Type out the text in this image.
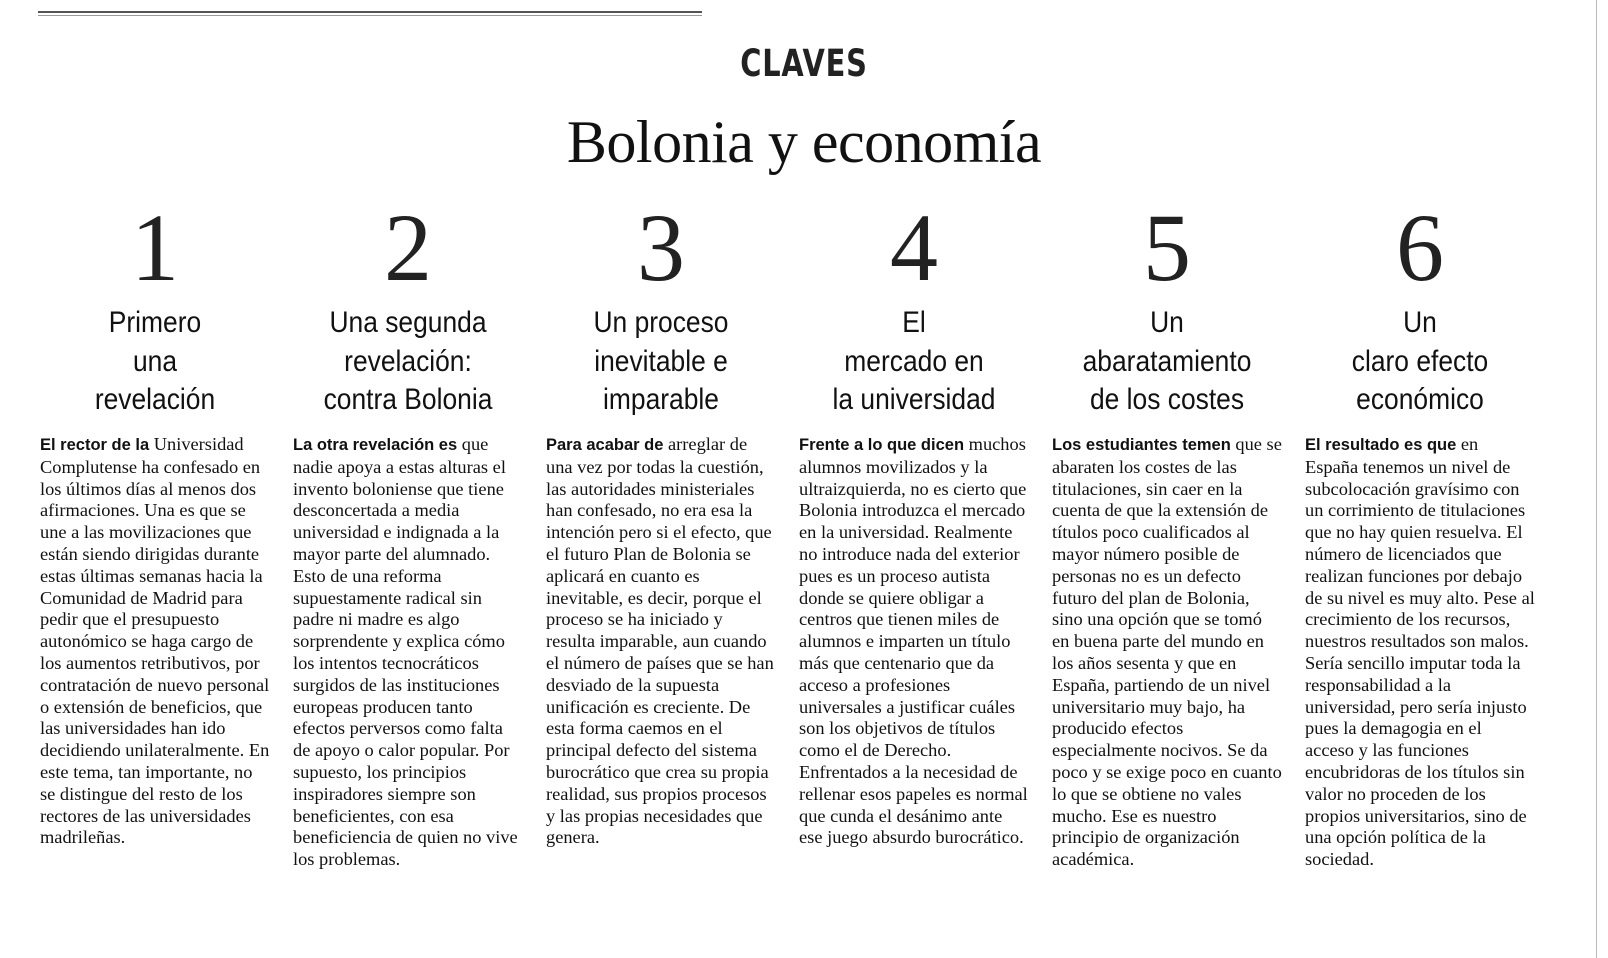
CLAVES
Bolonia y economía
1
Primero
una
revelación
El rector de la Universidad Complutense ha confesado en los últimos días al menos dos afirmaciones. Una es que se une a las movilizaciones que están siendo dirigidas durante estas últimas semanas hacia la Comunidad de Madrid para pedir que el presupuesto autonómico se haga cargo de los aumentos retributivos, por contratación de nuevo personal o extensión de beneficios, que las universidades han ido decidiendo unilateralmente. En este tema, tan importante, no se distingue del resto de los rectores de las universidades madrileñas.
2
Una segunda
revelación:
contra Bolonia
La otra revelación es que nadie apoya a estas alturas el invento boloniense que tiene desconcertada a media universidad e indignada a la mayor parte del alumnado. Esto de una reforma supuestamente radical sin padre ni madre es algo sorprendente y explica cómo los intentos tecnocráticos surgidos de las instituciones europeas producen tanto efectos perversos como falta de apoyo o calor popular. Por supuesto, los principios inspiradores siempre son beneficientes, con esa beneficiencia de quien no vive los problemas.
3
Un proceso
inevitable e
imparable
Para acabar de arreglar de una vez por todas la cuestión, las autoridades ministeriales han confesado, no era esa la intención pero si el efecto, que el futuro Plan de Bolonia se aplicará en cuanto es inevitable, es decir, porque el proceso se ha iniciado y resulta imparable, aun cuando el número de países que se han desviado de la supuesta unificación es creciente. De esta forma caemos en el principal defecto del sistema burocrático que crea su propia realidad, sus propios procesos y las propias necesidades que genera.
4
El
mercado en
la universidad
Frente a lo que dicen muchos alumnos movilizados y la ultraizquierda, no es cierto que Bolonia introduzca el mercado en la universidad. Realmente no introduce nada del exterior pues es un proceso autista donde se quiere obligar a centros que tienen miles de alumnos e imparten un título más que centenario que da acceso a profesiones universales a justificar cuáles son los objetivos de títulos como el de Derecho. Enfrentados a la necesidad de rellenar esos papeles es normal que cunda el desánimo ante ese juego absurdo burocrático.
5
Un
abaratamiento
de los costes
Los estudiantes temen que se abaraten los costes de las titulaciones, sin caer en la cuenta de que la extensión de títulos poco cualificados al mayor número posible de personas no es un defecto futuro del plan de Bolonia, sino una opción que se tomó en buena parte del mundo en los años sesenta y que en España, partiendo de un nivel universitario muy bajo, ha producido efectos especialmente nocivos. Se da poco y se exige poco en cuanto lo que se obtiene no vales mucho. Ese es nuestro principio de organización académica.
6
Un
claro efecto
económico
El resultado es que en España tenemos un nivel de subcolocación gravísimo con un corrimiento de titulaciones que no hay quien resuelva. El número de licenciados que realizan funciones por debajo de su nivel es muy alto. Pese al crecimiento de los recursos, nuestros resultados son malos. Sería sencillo imputar toda la responsabilidad a la universidad, pero sería injusto pues la demagogia en el acceso y las funciones encubridoras de los títulos sin valor no proceden de los propios universitarios, sino de una opción política de la sociedad.
